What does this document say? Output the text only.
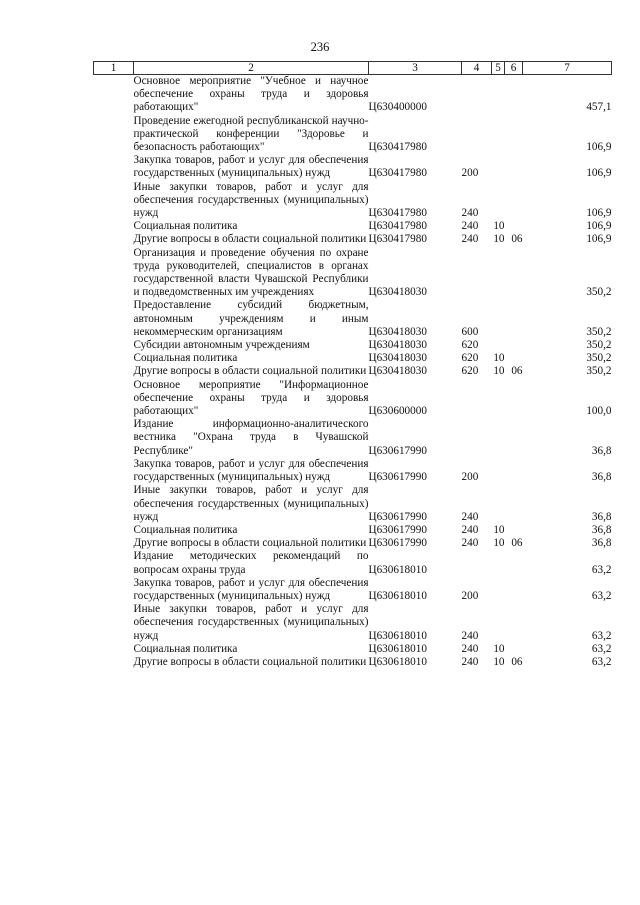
236
1	2	3	4	5	6	7
	Основное мероприятие "Учебное и научное обеспечение охраны труда и здоровья работающих"	Ц630400000				457,1
	Проведение ежегодной республиканской научно-практической конференции "Здоровье и безопасность работающих"	Ц630417980				106,9
	Закупка товаров, работ и услуг для обеспечения государственных (муниципальных) нужд	Ц630417980	200			106,9
	Иные закупки товаров, работ и услуг для обеспечения государственных (муниципальных) нужд	Ц630417980	240			106,9
	Социальная политика	Ц630417980	240	10		106,9
	Другие вопросы в области социальной политики	Ц630417980	240	10	06	106,9
	Организация и проведение обучения по охране труда руководителей, специалистов в органах государственной власти Чувашской Республики и подведомственных им учреждениях	Ц630418030				350,2
	Предоставление субсидий бюджетным, автономным учреждениям и иным некоммерческим организациям	Ц630418030	600			350,2
	Субсидии автономным учреждениям	Ц630418030	620			350,2
	Социальная политика	Ц630418030	620	10		350,2
	Другие вопросы в области социальной политики	Ц630418030	620	10	06	350,2
	Основное мероприятие "Информационное обеспечение охраны труда и здоровья работающих"	Ц630600000				100,0
	Издание информационно-аналитического вестника "Охрана труда в Чувашской Республике"	Ц630617990				36,8
	Закупка товаров, работ и услуг для обеспечения государственных (муниципальных) нужд	Ц630617990	200			36,8
	Иные закупки товаров, работ и услуг для обеспечения государственных (муниципальных) нужд	Ц630617990	240			36,8
	Социальная политика	Ц630617990	240	10		36,8
	Другие вопросы в области социальной политики	Ц630617990	240	10	06	36,8
	Издание методических рекомендаций по вопросам охраны труда	Ц630618010				63,2
	Закупка товаров, работ и услуг для обеспечения государственных (муниципальных) нужд	Ц630618010	200			63,2
	Иные закупки товаров, работ и услуг для обеспечения государственных (муниципальных) нужд	Ц630618010	240			63,2
	Социальная политика	Ц630618010	240	10		63,2
	Другие вопросы в области социальной политики	Ц630618010	240	10	06	63,2
